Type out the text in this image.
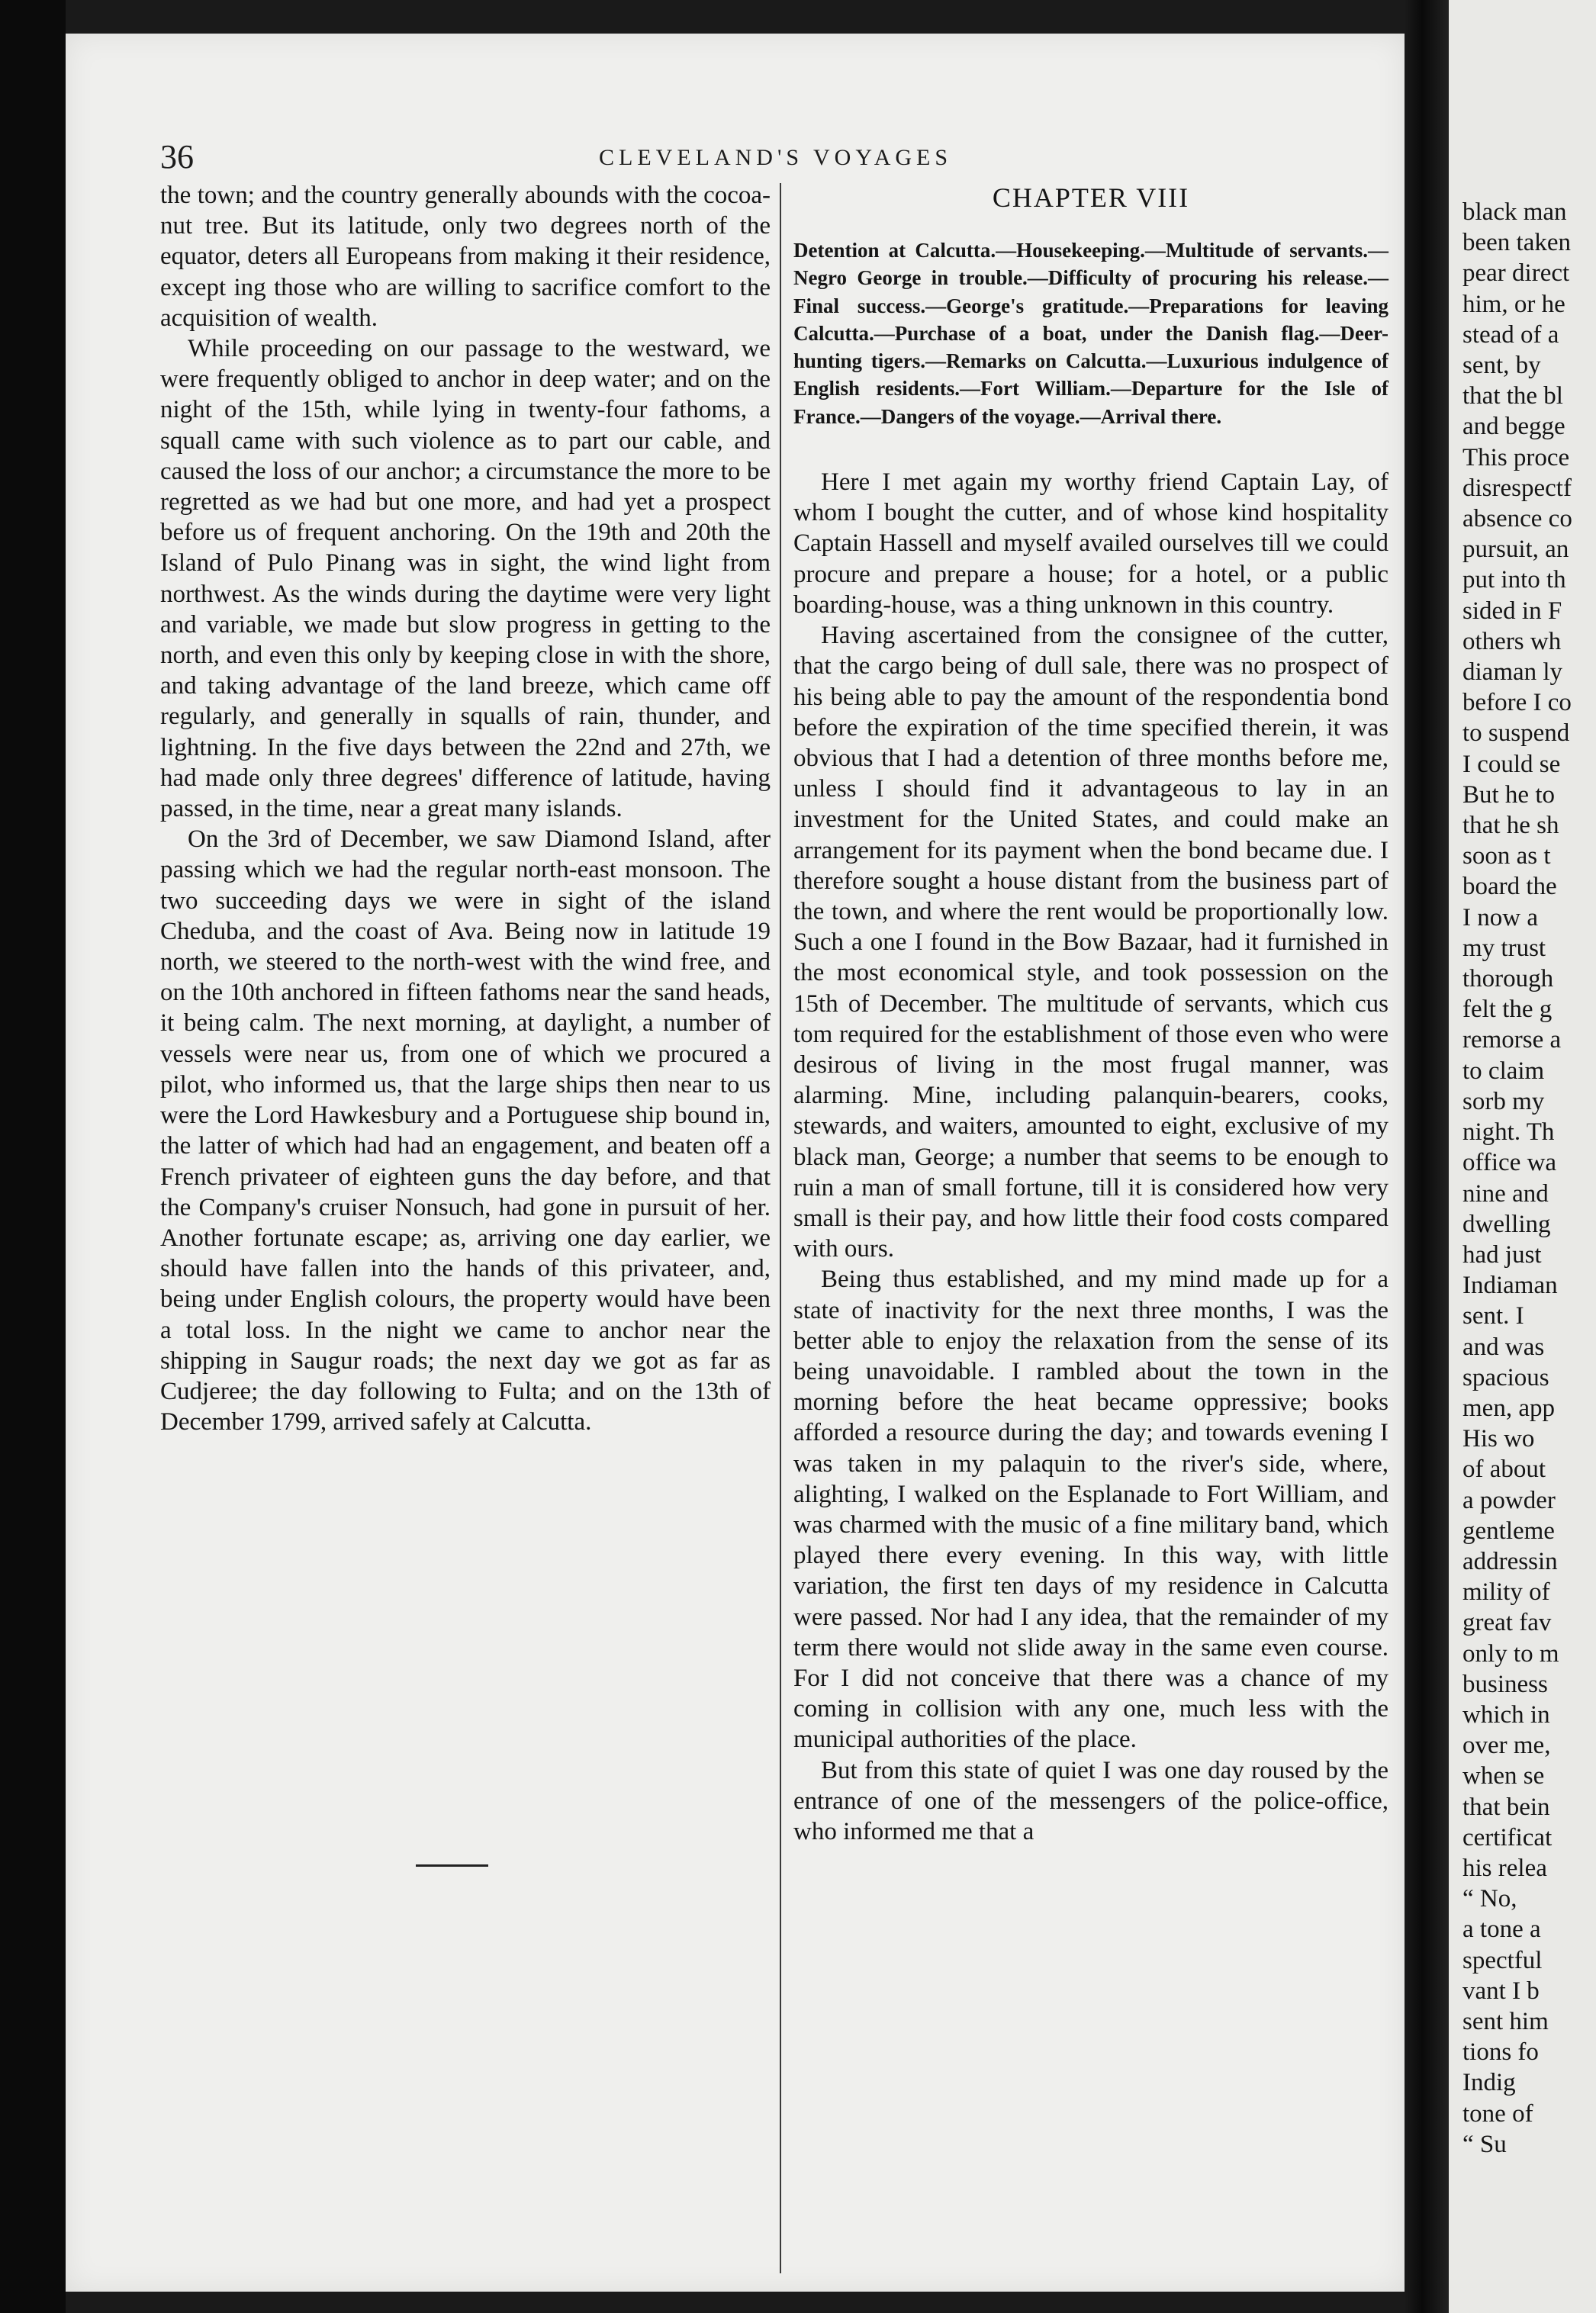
36	CLEVELAND'S VOYAGES

the town; and the country generally abounds with the cocoa-nut tree. But its latitude, only two degrees north of the equator, deters all Europeans from making it their residence, except ing those who are willing to sacrifice comfort to the acquisition of wealth.

While proceeding on our passage to the westward, we were frequently obliged to anchor in deep water; and on the night of the 15th, while lying in twenty-four fathoms, a squall came with such violence as to part our cable, and caused the loss of our anchor; a circumstance the more to be regretted as we had but one more, and had yet a prospect before us of frequent anchoring. On the 19th and 20th the Island of Pulo Pinang was in sight, the wind light from northwest. As the winds during the daytime were very light and variable, we made but slow progress in getting to the north, and even this only by keeping close in with the shore, and taking advantage of the land breeze, which came off regularly, and generally in squalls of rain, thunder, and lightning. In the five days between the 22nd and 27th, we had made only three degrees' difference of latitude, having passed, in the time, near a great many islands.

On the 3rd of December, we saw Diamond Island, after passing which we had the regular north-east monsoon. The two succeeding days we were in sight of the island Cheduba, and the coast of Ava. Being now in latitude 19 north, we steered to the north-west with the wind free, and on the 10th anchored in fifteen fathoms near the sand heads, it being calm. The next morning, at daylight, a number of vessels were near us, from one of which we procured a pilot, who informed us, that the large ships then near to us were the Lord Hawkesbury and a Portuguese ship bound in, the latter of which had had an engagement, and beaten off a French privateer of eighteen guns the day before, and that the Company's cruiser Nonsuch, had gone in pursuit of her. Another fortunate escape; as, arriving one day earlier, we should have fallen into the hands of this privateer, and, being under English colours, the property would have been a total loss. In the night we came to anchor near the shipping in Saugur roads; the next day we got as far as Cudjeree; the day following to Fulta; and on the 13th of December 1799, arrived safely at Calcutta.

CHAPTER VIII

Detention at Calcutta.—Housekeeping.—Multitude of servants.—Negro George in trouble.—Difficulty of procuring his release.—Final success.—George's gratitude.—Preparations for leaving Calcutta.—Purchase of a boat, under the Danish flag.—Deer-hunting tigers.—Remarks on Calcutta.—Luxurious indulgence of English residents.—Fort William.—Departure for the Isle of France.—Dangers of the voyage.—Arrival there.

Here I met again my worthy friend Captain Lay, of whom I bought the cutter, and of whose kind hospitality Captain Hassell and myself availed ourselves till we could procure and prepare a house; for a hotel, or a public boarding-house, was a thing unknown in this country.

Having ascertained from the consignee of the cutter, that the cargo being of dull sale, there was no prospect of his being able to pay the amount of the respondentia bond before the expiration of the time specified therein, it was obvious that I had a detention of three months before me, unless I should find it advantageous to lay in an investment for the United States, and could make an arrangement for its payment when the bond became due. I therefore sought a house distant from the business part of the town, and where the rent would be proportionally low. Such a one I found in the Bow Bazaar, had it furnished in the most economical style, and took possession on the 15th of December. The multitude of servants, which cus tom required for the establishment of those even who were desirous of living in the most frugal manner, was alarming. Mine, including palanquin-bearers, cooks, stewards, and waiters, amounted to eight, exclusive of my black man, George; a number that seems to be enough to ruin a man of small fortune, till it is considered how very small is their pay, and how little their food costs compared with ours.

Being thus established, and my mind made up for a state of inactivity for the next three months, I was the better able to enjoy the relaxation from the sense of its being unavoidable. I rambled about the town in the morning before the heat became oppressive; books afforded a resource during the day; and towards evening I was taken in my palaquin to the river's side, where, alighting, I walked on the Esplanade to Fort William, and was charmed with the music of a fine military band, which played there every evening. In this way, with little variation, the first ten days of my residence in Calcutta were passed. Nor had I any idea, that the remainder of my term there would not slide away in the same even course. For I did not conceive that there was a chance of my coming in collision with any one, much less with the municipal authorities of the place.

But from this state of quiet I was one day roused by the entrance of one of the messengers of the police-office, who informed me that a

black man
been taken
pear direct
him, or he
stead of a
sent, by
that the bl
and begge
This proce
disrespectf
absence co
pursuit, an
put into th
sided in F
others wh
diaman ly
before I co
to suspend
I could se
But he to
that he sh
soon as t
board the
I now a
my trust
thorough
felt the g
remorse a
to claim
sorb my
night. Th
office wa
nine and
dwelling
had just
Indiaman
sent. I
and was
spacious
men, app
His wo
of about
a powder
gentleme
addressin
mility of
great fav
only to m
business
which in
over me,
when se
that bein
certificat
his relea
“ No,
a tone a
spectful
vant I b
sent him
tions fo
Indig
tone of
“ Su
